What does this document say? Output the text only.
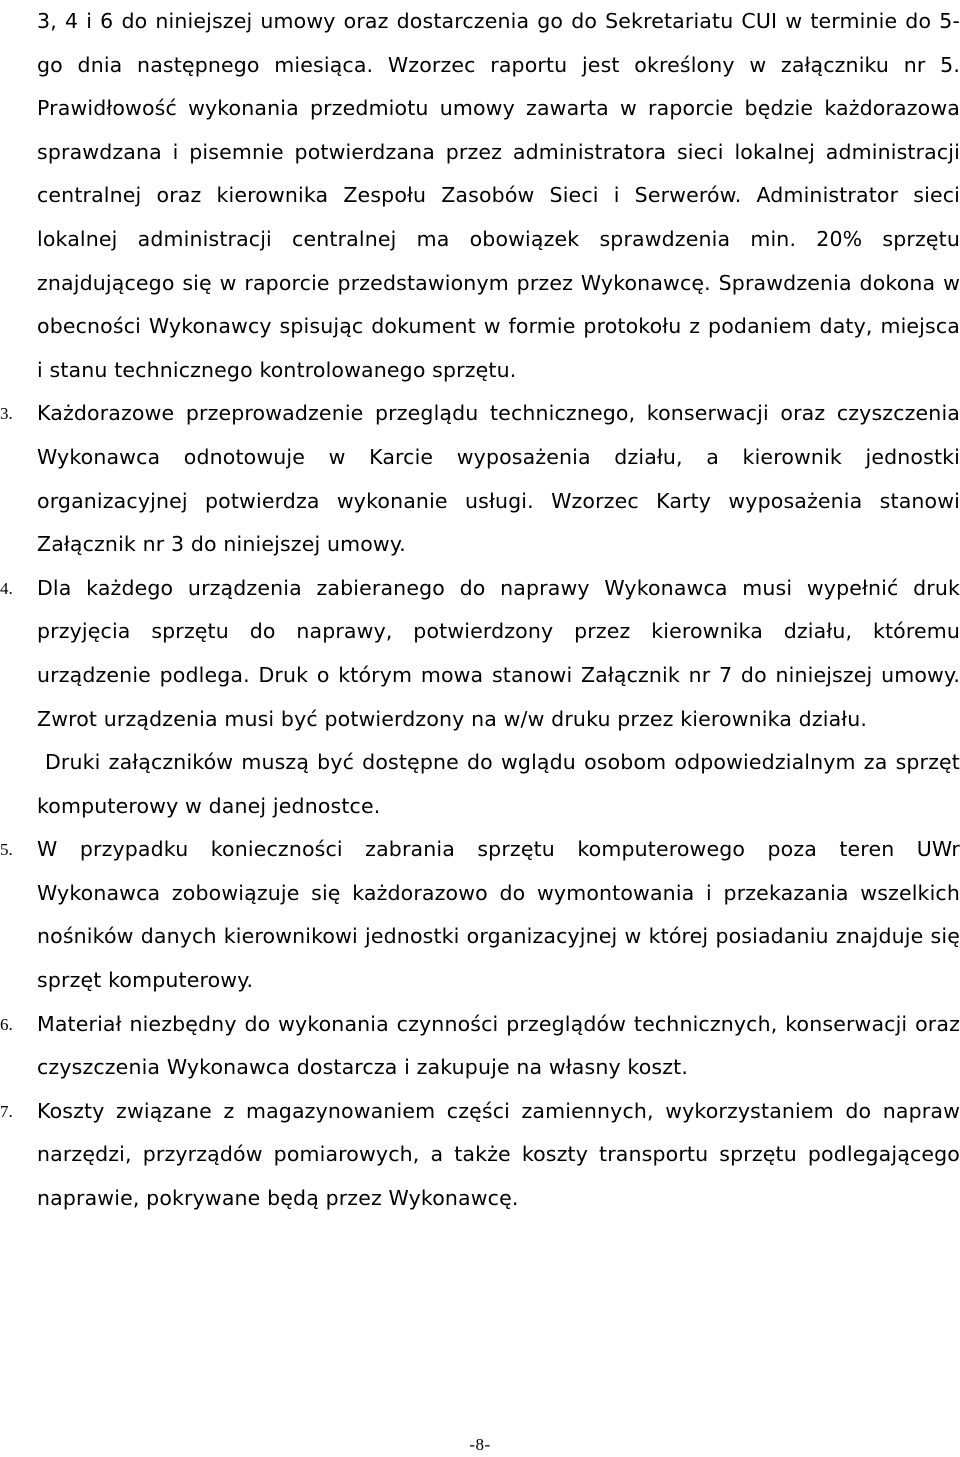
3, 4 i 6 do niniejszej umowy oraz dostarczenia go do Sekretariatu CUI w terminie do 5-go dnia następnego miesiąca. Wzorzec raportu jest określony w załączniku nr 5. Prawidłowość wykonania przedmiotu umowy zawarta w raporcie będzie każdorazowa sprawdzana i pisemnie potwierdzana przez administratora sieci lokalnej administracji centralnej oraz kierownika Zespołu Zasobów Sieci i Serwerów. Administrator sieci lokalnej administracji centralnej ma obowiązek sprawdzenia min. 20% sprzętu znajdującego się w raporcie przedstawionym przez Wykonawcę. Sprawdzenia dokona w obecności Wykonawcy spisując dokument w formie protokołu z podaniem daty, miejsca i stanu technicznego kontrolowanego sprzętu.

3.	Każdorazowe przeprowadzenie przeglądu technicznego, konserwacji oraz czyszczenia Wykonawca odnotowuje w Karcie wyposażenia działu, a kierownik jednostki organizacyjnej potwierdza wykonanie usługi. Wzorzec Karty wyposażenia stanowi Załącznik nr 3 do niniejszej umowy.

4.	Dla każdego urządzenia zabieranego do naprawy Wykonawca musi wypełnić druk przyjęcia sprzętu do naprawy, potwierdzony przez kierownika działu, któremu urządzenie podlega. Druk o którym mowa stanowi Załącznik nr 7 do niniejszej umowy. Zwrot urządzenia musi być potwierdzony na w/w druku przez kierownika działu.

Druki załączników muszą być dostępne do wglądu osobom odpowiedzialnym za sprzęt komputerowy w danej jednostce.

5.	W przypadku konieczności zabrania sprzętu komputerowego poza teren UWr Wykonawca zobowiązuje się każdorazowo do wymontowania i przekazania wszelkich nośników danych kierownikowi jednostki organizacyjnej w której posiadaniu znajduje się sprzęt komputerowy.

6.	Materiał niezbędny do wykonania czynności przeglądów technicznych, konserwacji oraz czyszczenia Wykonawca dostarcza i zakupuje na własny koszt.

7.	Koszty związane z magazynowaniem części zamiennych, wykorzystaniem do napraw narzędzi, przyrządów pomiarowych, a także koszty transportu sprzętu podlegającego naprawie, pokrywane będą przez Wykonawcę.

-8-
